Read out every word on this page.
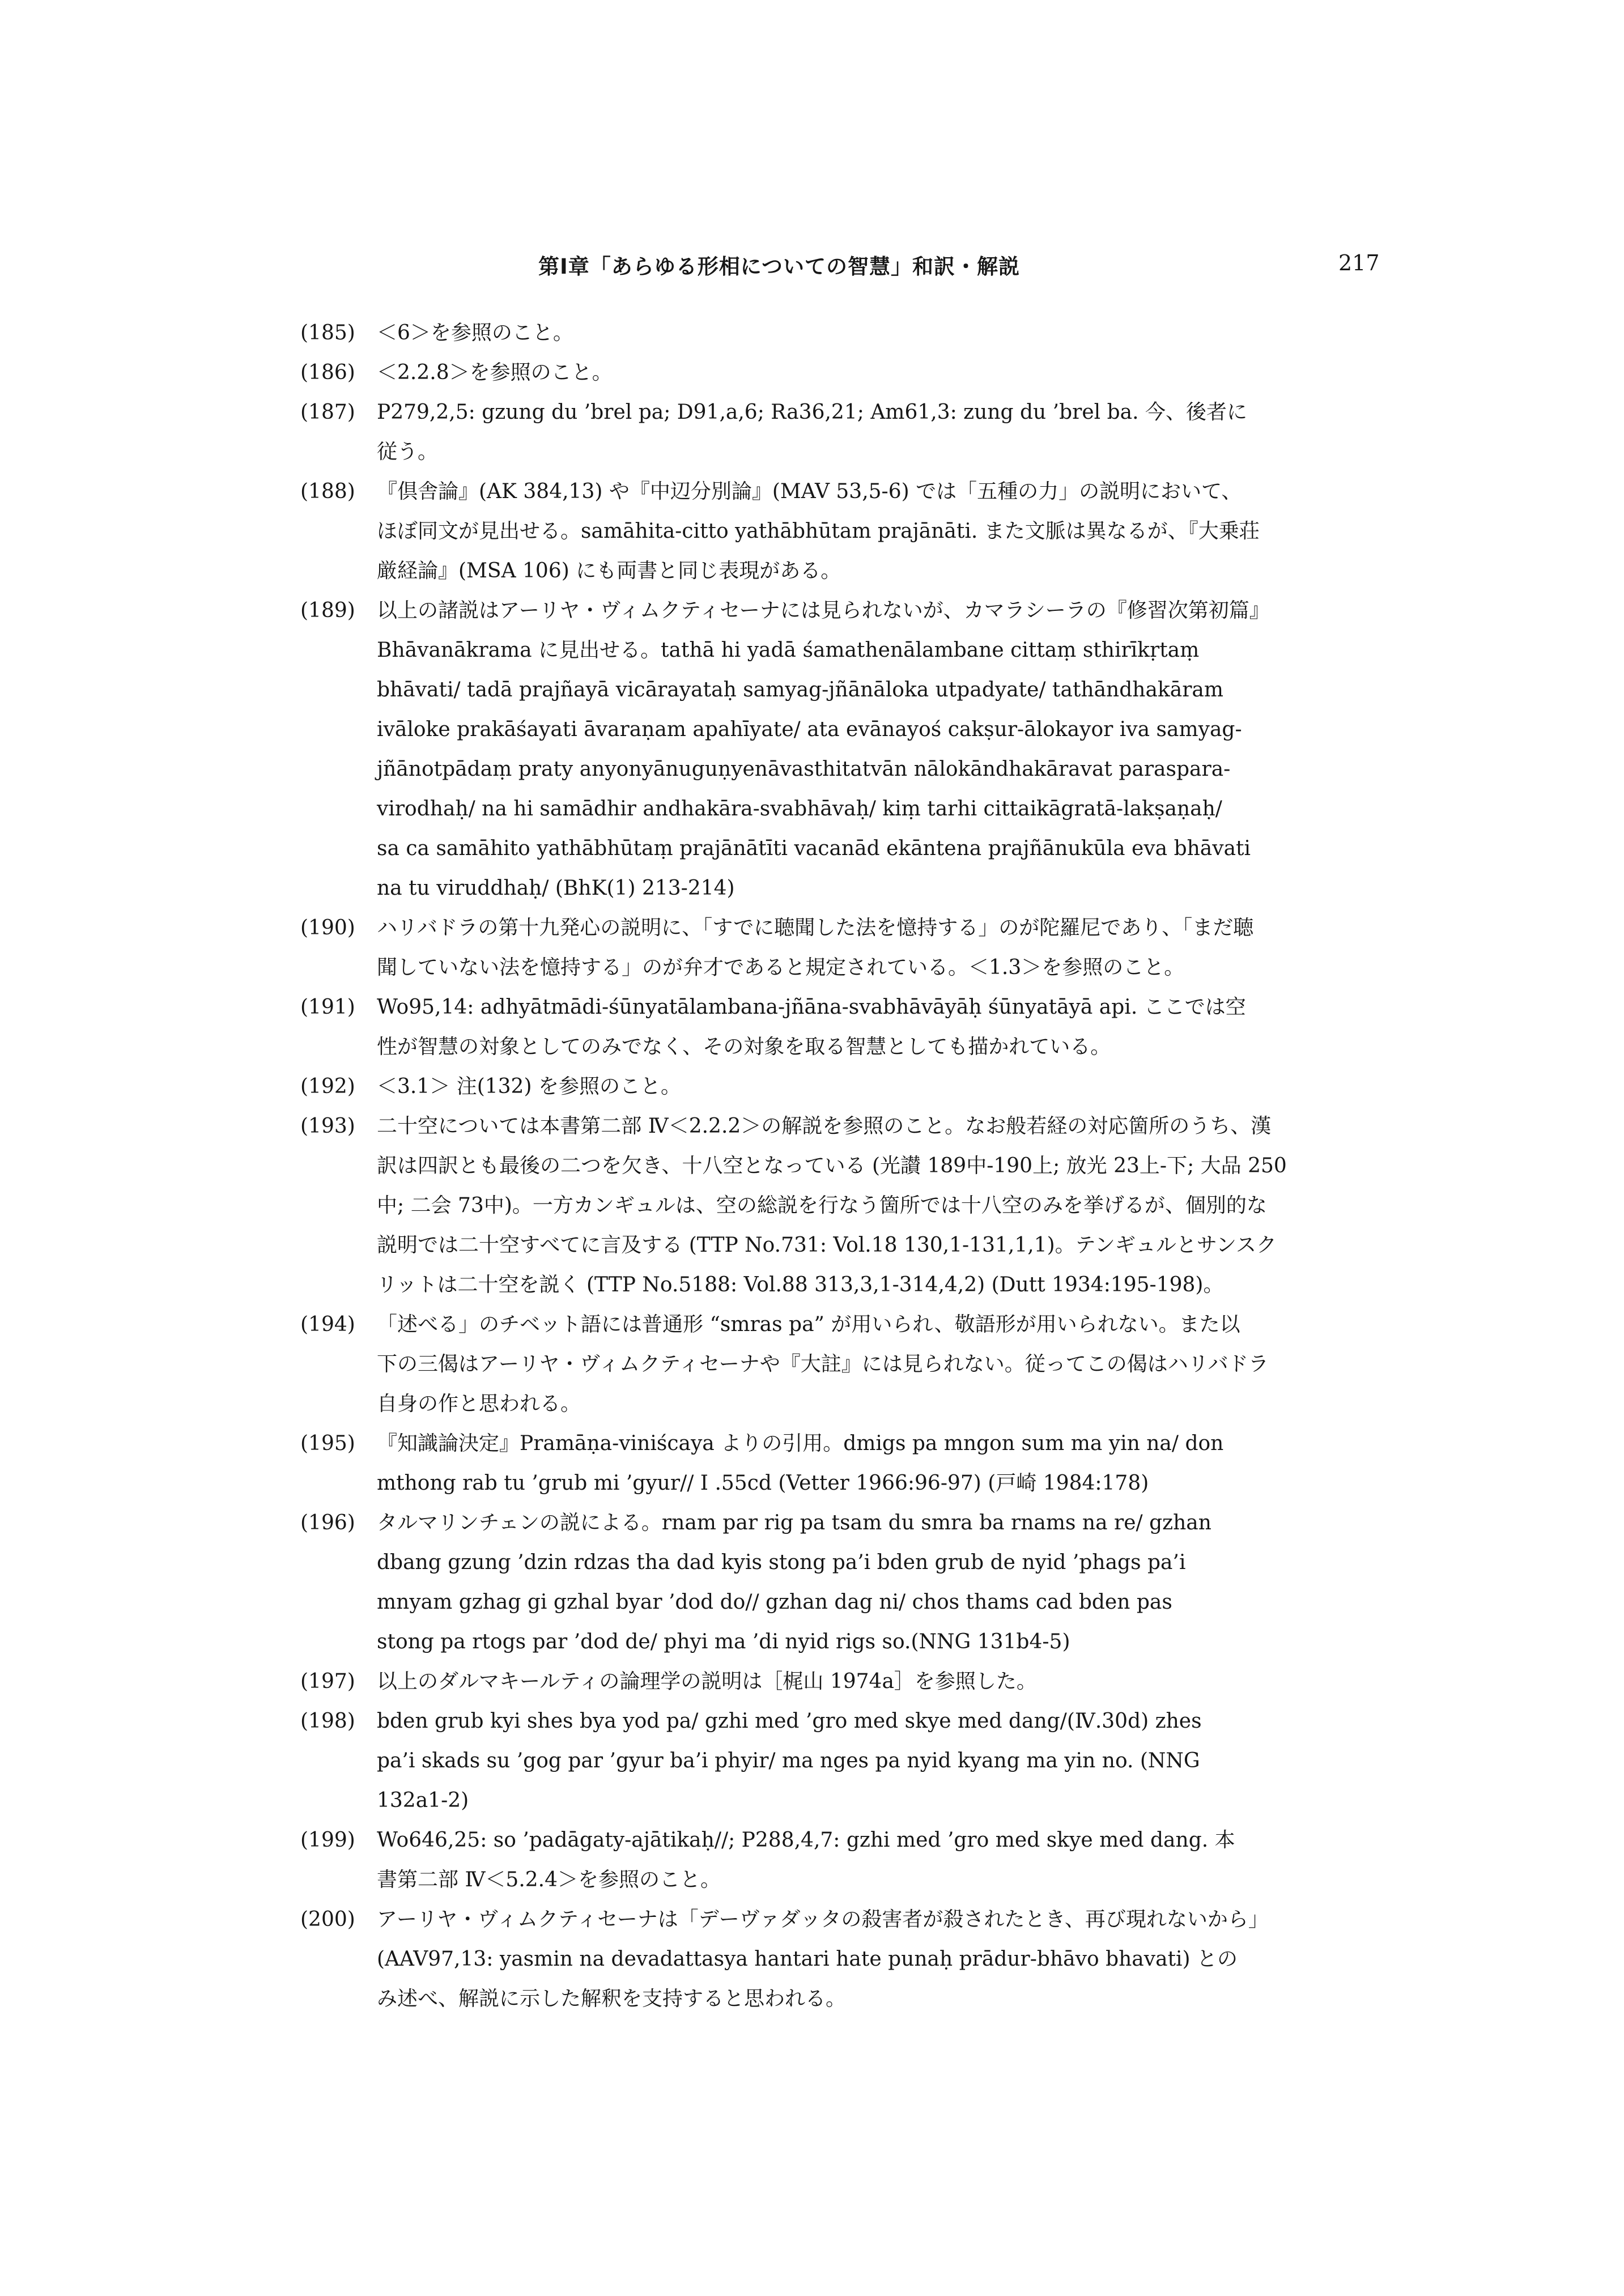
第Ⅰ章「あらゆる形相についての智慧」和訳・解説	217
(185)	＜6＞を参照のこと。
(186)	＜2.2.8＞を参照のこと。
(187)	P279,2,5: gzung du ’brel pa; D91,a,6; Ra36,21; Am61,3: zung du ’brel ba. 今、後者に
従う。
(188)	『倶舎論』(AK 384,13) や『中辺分別論』(MAV 53,5-6) では「五種の力」の説明において、
ほぼ同文が見出せる。samāhita-citto yathābhūtam prajānāti. また文脈は異なるが、『大乗荘
厳経論』(MSA 106) にも両書と同じ表現がある。
(189)	以上の諸説はアーリヤ・ヴィムクティセーナには見られないが、カマラシーラの『修習次第初篇』
Bhāvanākrama に見出せる。tathā hi yadā śamathenālambane cittaṃ sthirīkṛtaṃ
bhāvati/ tadā prajñayā vicārayataḥ samyag-jñānāloka utpadyate/ tathāndhakāram
ivāloke prakāśayati āvaraṇam apahīyate/ ata evānayoś cakṣur-ālokayor iva samyag-
jñānotpādaṃ praty anyonyānuguṇyenāvasthitatvān nālokāndhakāravat paraspara-
virodhaḥ/ na hi samādhir andhakāra-svabhāvaḥ/ kiṃ tarhi cittaikāgratā-lakṣaṇaḥ/
sa ca samāhito yathābhūtaṃ prajānātīti vacanād ekāntena prajñānukūla eva bhāvati
na tu viruddhaḥ/ (BhK(1) 213-214)
(190)	ハリバドラの第十九発心の説明に、「すでに聴聞した法を憶持する」のが陀羅尼であり、「まだ聴
聞していない法を憶持する」のが弁才であると規定されている。＜1.3＞を参照のこと。
(191)	Wo95,14: adhyātmādi-śūnyatālambana-jñāna-svabhāvāyāḥ śūnyatāyā api. ここでは空
性が智慧の対象としてのみでなく、その対象を取る智慧としても描かれている。
(192)	＜3.1＞ 注(132) を参照のこと。
(193)	二十空については本書第二部 Ⅳ＜2.2.2＞の解説を参照のこと。なお般若経の対応箇所のうち、漢
訳は四訳とも最後の二つを欠き、十八空となっている (光讃 189中-190上; 放光 23上-下; 大品 250
中; 二会 73中)。一方カンギュルは、空の総説を行なう箇所では十八空のみを挙げるが、個別的な
説明では二十空すべてに言及する (TTP No.731: Vol.18 130,1-131,1,1)。テンギュルとサンスク
リットは二十空を説く (TTP No.5188: Vol.88 313,3,1-314,4,2) (Dutt 1934:195-198)。
(194)	「述べる」のチベット語には普通形 “smras pa” が用いられ、敬語形が用いられない。また以
下の三偈はアーリヤ・ヴィムクティセーナや『大註』には見られない。従ってこの偈はハリバドラ
自身の作と思われる。
(195)	『知識論決定』Pramāṇa-viniścaya よりの引用。dmigs pa mngon sum ma yin na/ don
mthong rab tu ’grub mi ’gyur// I .55cd (Vetter 1966:96-97) (戸崎 1984:178)
(196)	タルマリンチェンの説による。rnam par rig pa tsam du smra ba rnams na re/ gzhan
dbang gzung ’dzin rdzas tha dad kyis stong pa’i bden grub de nyid ’phags pa’i
mnyam gzhag gi gzhal byar ’dod do// gzhan dag ni/ chos thams cad bden pas
stong pa rtogs par ’dod de/ phyi ma ’di nyid rigs so.(NNG 131b4-5)
(197)	以上のダルマキールティの論理学の説明は［梶山 1974a］を参照した。
(198)	bden grub kyi shes bya yod pa/ gzhi med ’gro med skye med dang/(Ⅳ.30d) zhes
pa’i skads su ’gog par ’gyur ba’i phyir/ ma nges pa nyid kyang ma yin no. (NNG
132a1-2)
(199)	Wo646,25: so ’padāgaty-ajātikaḥ//; P288,4,7: gzhi med ’gro med skye med dang. 本
書第二部 Ⅳ＜5.2.4＞を参照のこと。
(200)	アーリヤ・ヴィムクティセーナは「デーヴァダッタの殺害者が殺されたとき、再び現れないから」
(AAV97,13: yasmin na devadattasya hantari hate punaḥ prādur-bhāvo bhavati) との
み述べ、解説に示した解釈を支持すると思われる。
